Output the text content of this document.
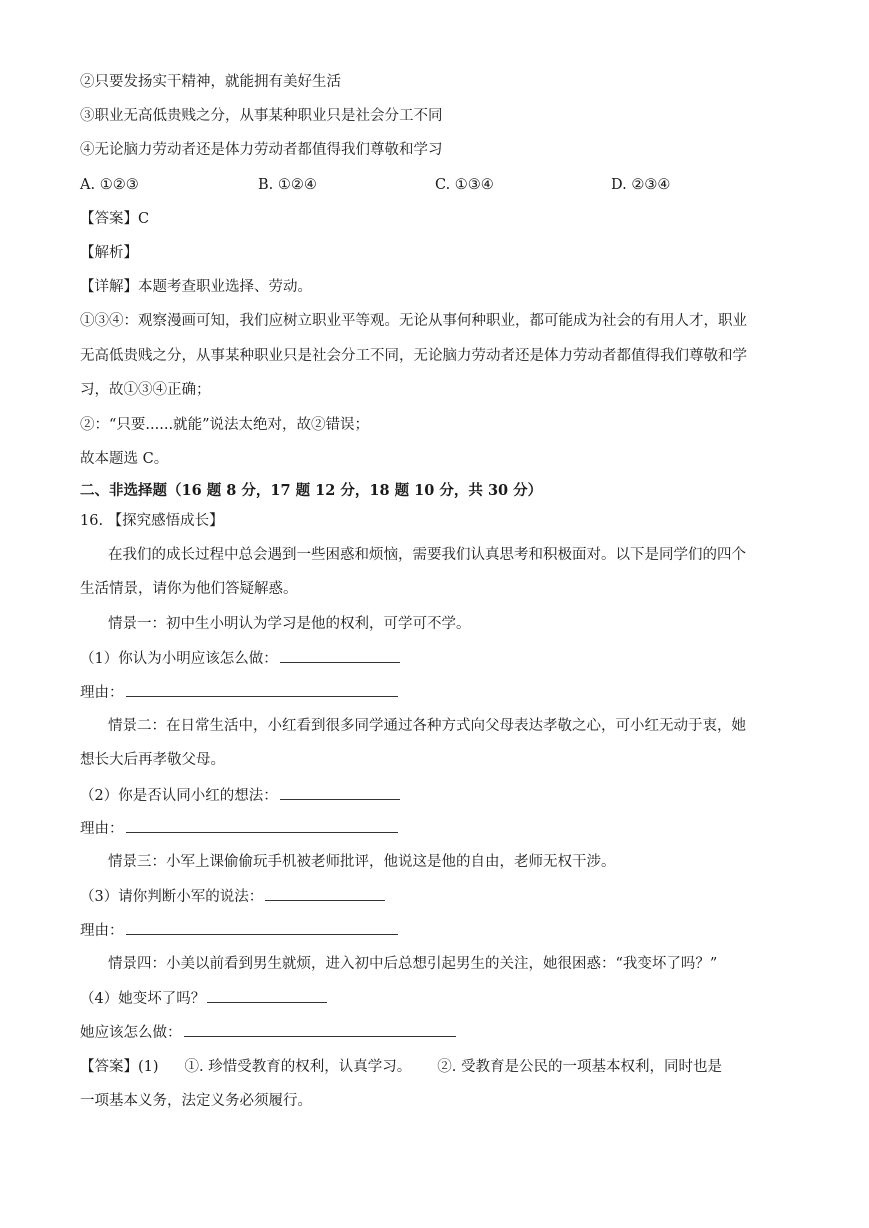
②只要发扬实干精神，就能拥有美好生活
③职业无高低贵贱之分，从事某种职业只是社会分工不同
④无论脑力劳动者还是体力劳动者都值得我们尊敬和学习
A. ①②③	B. ①②④	C. ①③④	D. ②③④
【答案】C
【解析】
【详解】本题考查职业选择、劳动。
①③④：观察漫画可知，我们应树立职业平等观。无论从事何种职业，都可能成为社会的有用人才，职业
无高低贵贱之分，从事某种职业只是社会分工不同，无论脑力劳动者还是体力劳动者都值得我们尊敬和学
习，故①③④正确；
②：“只要......就能”说法太绝对，故②错误；
故本题选 C。
二、非选择题（16 题 8 分，17 题 12 分，18 题 10 分，共 30 分）
16. 【探究感悟成长】
在我们的成长过程中总会遇到一些困惑和烦恼，需要我们认真思考和积极面对。以下是同学们的四个
生活情景，请你为他们答疑解惑。
情景一：初中生小明认为学习是他的权利，可学可不学。
（1）你认为小明应该怎么做：
理由：
情景二：在日常生活中，小红看到很多同学通过各种方式向父母表达孝敬之心，可小红无动于衷，她
想长大后再孝敬父母。
（2）你是否认同小红的想法：
理由：
情景三：小军上课偷偷玩手机被老师批评，他说这是他的自由，老师无权干涉。
（3）请你判断小军的说法：
理由：
情景四：小美以前看到男生就烦，进入初中后总想引起男生的关注，她很困惑：“我变坏了吗？”
（4）她变坏了吗？
她应该怎么做：
【答案】(1) ①. 珍惜受教育的权利，认真学习。 ②. 受教育是公民的一项基本权利，同时也是
一项基本义务，法定义务必须履行。
